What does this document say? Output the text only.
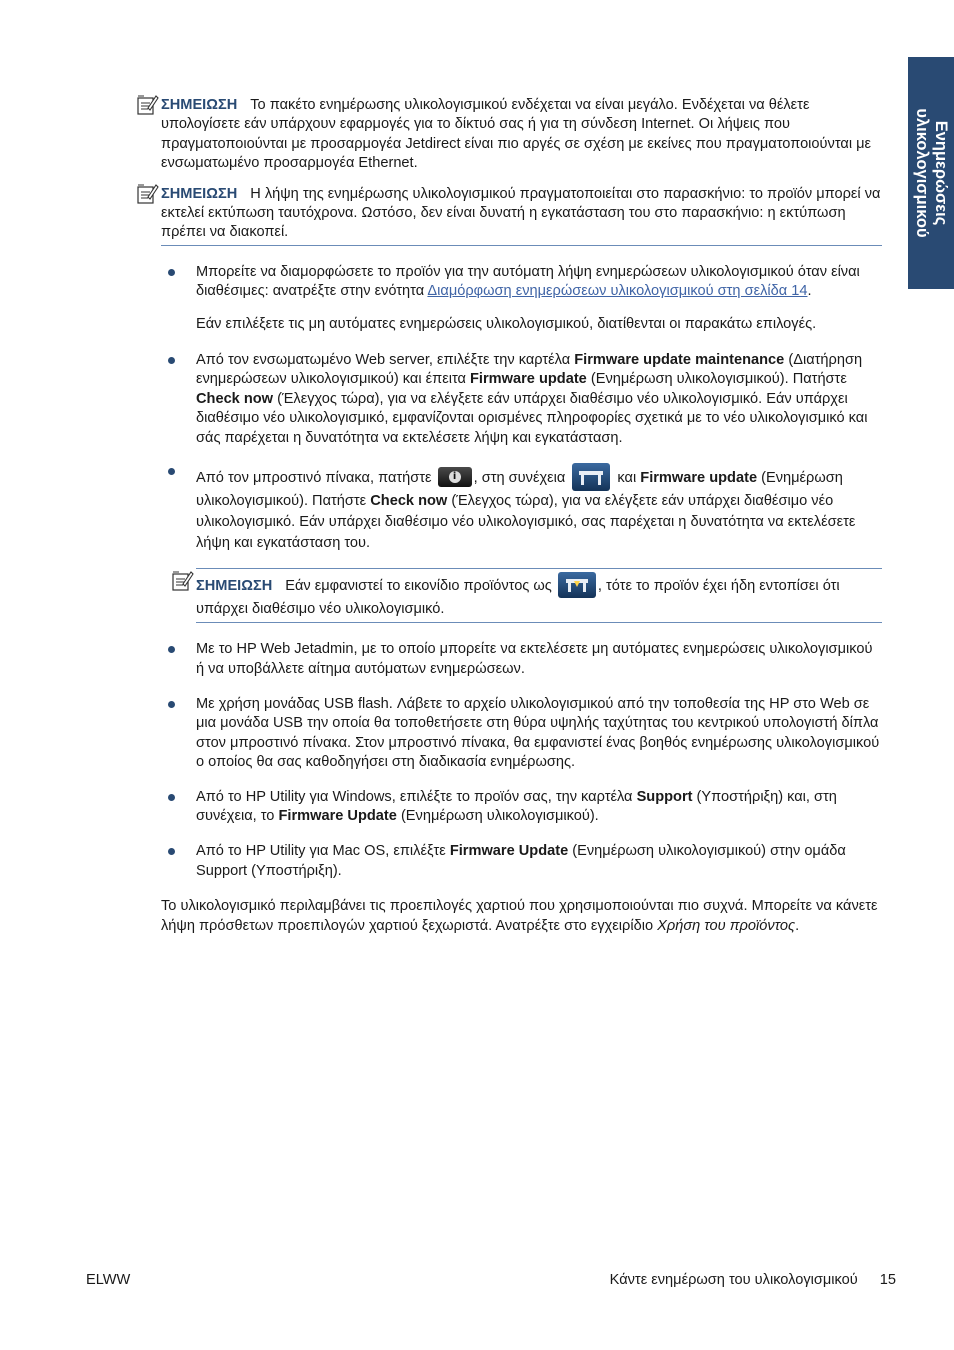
Ενημερώσεις
υλικολογισμικού
ΣΗΜΕΙΩΣΗ Το πακέτο ενημέρωσης υλικολογισμικού ενδέχεται να είναι μεγάλο. Ενδέχεται να θέλετε υπολογίσετε εάν υπάρχουν εφαρμογές για το δίκτυό σας ή για τη σύνδεση Internet. Οι λήψεις που πραγματοποιούνται με προσαρμογέα Jetdirect είναι πιο αργές σε σχέση με εκείνες που πραγματοποιούνται με ενσωματωμένο προσαρμογέα Ethernet.
ΣΗΜΕΙΩΣΗ Η λήψη της ενημέρωσης υλικολογισμικού πραγματοποιείται στο παρασκήνιο: το προϊόν μπορεί να εκτελεί εκτύπωση ταυτόχρονα. Ωστόσο, δεν είναι δυνατή η εγκατάσταση του στο παρασκήνιο: η εκτύπωση πρέπει να διακοπεί.
Μπορείτε να διαμορφώσετε το προϊόν για την αυτόματη λήψη ενημερώσεων υλικολογισμικού όταν είναι διαθέσιμες: ανατρέξτε στην ενότητα Διαμόρφωση ενημερώσεων υλικολογισμικού στη σελίδα 14.

Εάν επιλέξετε τις μη αυτόματες ενημερώσεις υλικολογισμικού, διατίθενται οι παρακάτω επιλογές.

Από τον ενσωματωμένο Web server, επιλέξτε την καρτέλα Firmware update maintenance (Διατήρηση ενημερώσεων υλικολογισμικού) και έπειτα Firmware update (Ενημέρωση υλικολογισμικού). Πατήστε Check now (Έλεγχος τώρα), για να ελέγξετε εάν υπάρχει διαθέσιμο νέο υλικολογισμικό. Εάν υπάρχει διαθέσιμο νέο υλικολογισμικό, εμφανίζονται ορισμένες πληροφορίες σχετικά με το νέο υλικολογισμικό και σάς παρέχεται η δυνατότητα να εκτελέσετε λήψη και εγκατάσταση.
Από τον μπροστινό πίνακα, πατήστε	i , στη συνέχεια	και Firmware update (Ενημέρωση υλικολογισμικού). Πατήστε Check now (Έλεγχος τώρα), για να ελέγξετε εάν υπάρχει διαθέσιμο νέο υλικολογισμικό. Εάν υπάρχει διαθέσιμο νέο υλικολογισμικό, σας παρέχεται η δυνατότητα να εκτελέσετε λήψη και εγκατάσταση του.
ΣΗΜΕΙΩΣΗ Εάν εμφανιστεί το εικονίδιο προϊόντος ως	, τότε το προϊόν έχει ήδη εντοπίσει ότι υπάρχει διαθέσιμο νέο υλικολογισμικό.
Με το HP Web Jetadmin, με το οποίο μπορείτε να εκτελέσετε μη αυτόματες ενημερώσεις υλικολογισμικού ή να υποβάλλετε αίτημα αυτόματων ενημερώσεων.
Με χρήση μονάδας USB flash. Λάβετε το αρχείο υλικολογισμικού από την τοποθεσία της HP στο Web σε μια μονάδα USB την οποία θα τοποθετήσετε στη θύρα υψηλής ταχύτητας του κεντρικού υπολογιστή δίπλα στον μπροστινό πίνακα. Στον μπροστινό πίνακα, θα εμφανιστεί ένας βοηθός ενημέρωσης υλικολογισμικού ο οποίος θα σας καθοδηγήσει στη διαδικασία ενημέρωσης.
Από το HP Utility για Windows, επιλέξτε το προϊόν σας, την καρτέλα Support (Υποστήριξη) και, στη συνέχεια, το Firmware Update (Ενημέρωση υλικολογισμικού).
Από το HP Utility για Mac OS, επιλέξτε Firmware Update (Ενημέρωση υλικολογισμικού) στην ομάδα Support (Υποστήριξη).

Το υλικολογισμικό περιλαμβάνει τις προεπιλογές χαρτιού που χρησιμοποιούνται πιο συχνά. Μπορείτε να κάνετε λήψη πρόσθετων προεπιλογών χαρτιού ξεχωριστά. Ανατρέξτε στο εγχειρίδιο Χρήση του προϊόντος.

ELWW	Κάντε ενημέρωση του υλικολογισμικού 15
